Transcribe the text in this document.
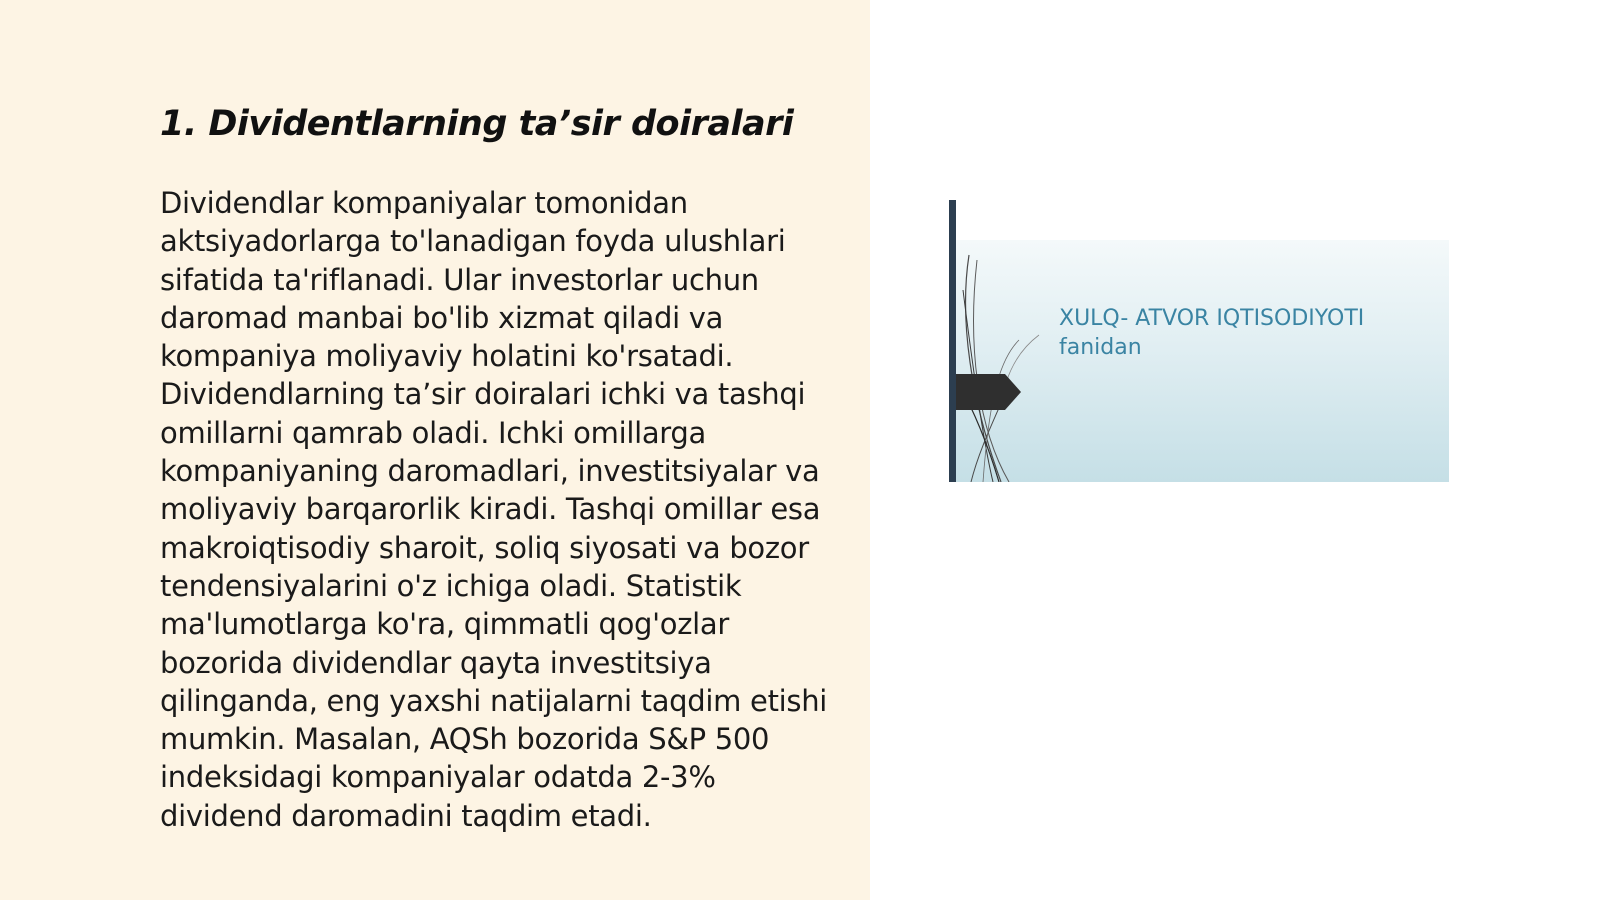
1. Dividentlarning ta’sir doiralari

Dividendlar kompaniyalar tomonidan aktsiyadorlarga to'lanadigan foyda ulushlari sifatida ta'riflanadi. Ular investorlar uchun daromad manbai bo'lib xizmat qiladi va kompaniya moliyaviy holatini ko'rsatadi. Dividendlarning ta’sir doiralari ichki va tashqi omillarni qamrab oladi. Ichki omillarga kompaniyaning daromadlari, investitsiyalar va moliyaviy barqarorlik kiradi. Tashqi omillar esa makroiqtisodiy sharoit, soliq siyosati va bozor tendensiyalarini o'z ichiga oladi. Statistik ma'lumotlarga ko'ra, qimmatli qog'ozlar bozorida dividendlar qayta investitsiya qilinganda, eng yaxshi natijalarni taqdim etishi mumkin. Masalan, AQSh bozorida S&P 500 indeksidagi kompaniyalar odatda 2-3% dividend daromadini taqdim etadi.

XULQ- ATVOR IQTISODIYOTI
fanidan
